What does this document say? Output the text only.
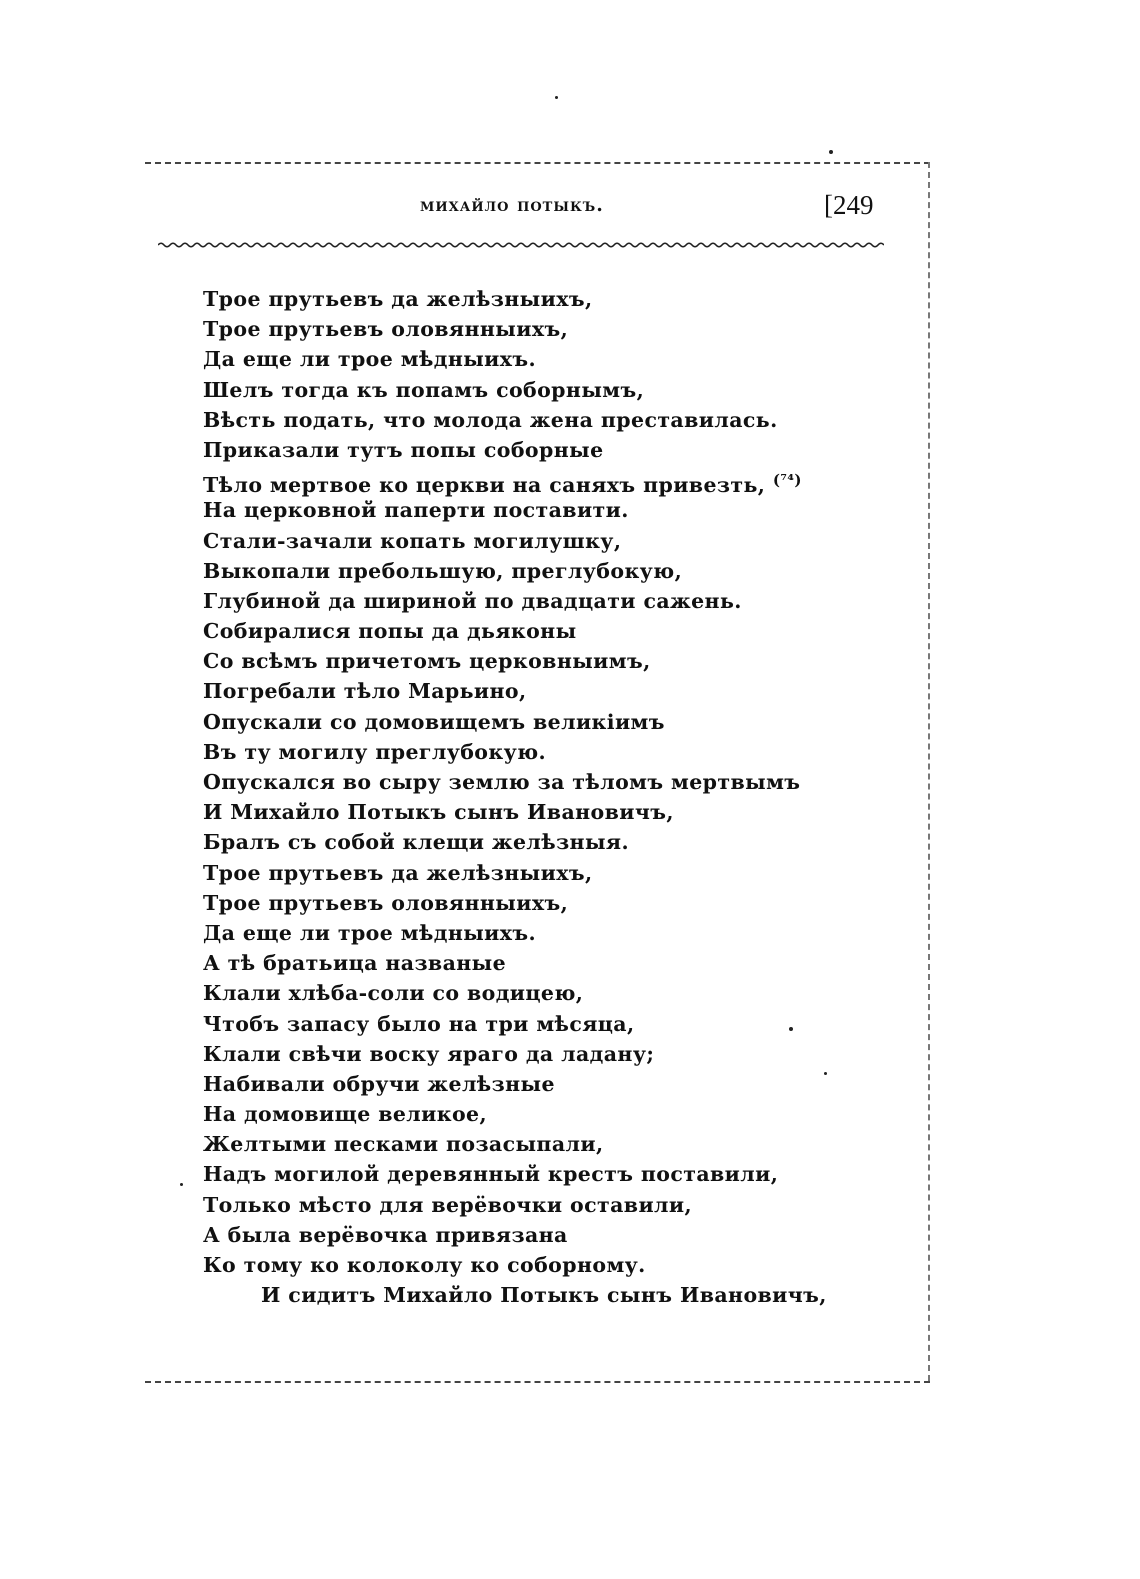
михайло потыкъ.	[249
Трое прутьевъ да желѣзныихъ,
Трое прутьевъ оловянныихъ,
Да еще ли трое мѣдныихъ.
Шелъ тогда къ попамъ соборнымъ,
Вѣсть подать, что молода жена преставилась.
Приказали тутъ попы соборные
Тѣло мертвое ко церкви на саняхъ привезть, $^{(^{74})}$
На церковной паперти поставити.
Стали-зачали копать могилушку,
Выкопали пребольшую, преглубокую,
Глубиной да шириной по двадцати сажень.
Собиралися попы да дьяконы
Со всѣмъ причетомъ церковныимъ,
Погребали тѣло Марьино,
Опускали со домовищемъ великiимъ
Въ ту могилу преглубокую.
Опускался во сыру землю за тѣломъ мертвымъ
И Михайло Потыкъ сынъ Ивановичъ,
Бралъ съ собой клещи желѣзныя.
Трое прутьевъ да желѣзныихъ,
Трое прутьевъ оловянныихъ,
Да еще ли трое мѣдныихъ.
А тѣ братьица названые
Клали хлѣба-соли со водицею,
Чтобъ запасу было на три мѣсяца,
Клали свѣчи воску яраго да ладану;
Набивали обручи желѣзные
На домовище великое,
Желтыми песками позасыпали,
Надъ могилой деревянный крестъ поставили,
Только мѣсто для верёвочки оставили,
А была верёвочка привязана
Ко тому ко колоколу ко соборному.
И сидитъ Михайло Потыкъ сынъ Ивановичъ,
